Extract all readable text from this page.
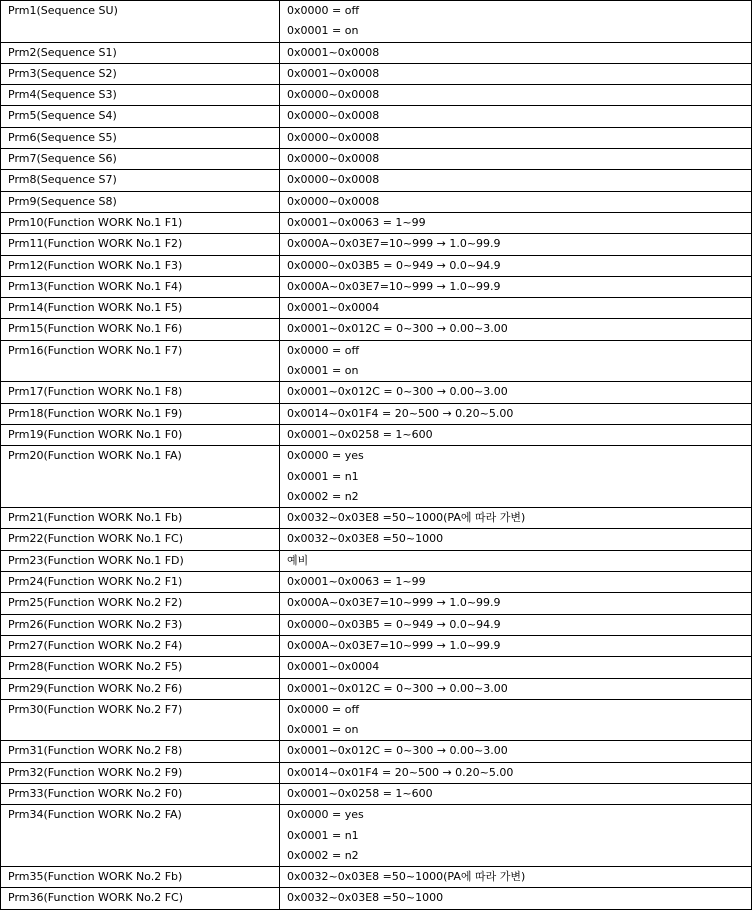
Prm1(Sequence SU)	0x0000 = off
0x0001 = on

Prm2(Sequence S1)	0x0001~0x0008

Prm3(Sequence S2)	0x0001~0x0008

Prm4(Sequence S3)	0x0000~0x0008

Prm5(Sequence S4)	0x0000~0x0008

Prm6(Sequence S5)	0x0000~0x0008

Prm7(Sequence S6)	0x0000~0x0008

Prm8(Sequence S7)	0x0000~0x0008

Prm9(Sequence S8)	0x0000~0x0008

Prm10(Function WORK No.1 F1)	0x0001~0x0063 = 1~99

Prm11(Function WORK No.1 F2)	0x000A~0x03E7=10~999 → 1.0~99.9

Prm12(Function WORK No.1 F3)	0x0000~0x03B5 = 0~949 → 0.0~94.9

Prm13(Function WORK No.1 F4)	0x000A~0x03E7=10~999 → 1.0~99.9

Prm14(Function WORK No.1 F5)	0x0001~0x0004

Prm15(Function WORK No.1 F6)	0x0001~0x012C = 0~300 → 0.00~3.00

Prm16(Function WORK No.1 F7)	0x0000 = off
0x0001 = on

Prm17(Function WORK No.1 F8)	0x0001~0x012C = 0~300 → 0.00~3.00

Prm18(Function WORK No.1 F9)	0x0014~0x01F4 = 20~500 → 0.20~5.00

Prm19(Function WORK No.1 F0)	0x0001~0x0258 = 1~600

Prm20(Function WORK No.1 FA)	0x0000 = yes
0x0001 = n1
0x0002 = n2

Prm21(Function WORK No.1 Fb)	0x0032~0x03E8 =50~1000(PA에 따라 가변)

Prm22(Function WORK No.1 FC)	0x0032~0x03E8 =50~1000

Prm23(Function WORK No.1 FD)	예비

Prm24(Function WORK No.2 F1)	0x0001~0x0063 = 1~99

Prm25(Function WORK No.2 F2)	0x000A~0x03E7=10~999 → 1.0~99.9

Prm26(Function WORK No.2 F3)	0x0000~0x03B5 = 0~949 → 0.0~94.9

Prm27(Function WORK No.2 F4)	0x000A~0x03E7=10~999 → 1.0~99.9

Prm28(Function WORK No.2 F5)	0x0001~0x0004

Prm29(Function WORK No.2 F6)	0x0001~0x012C = 0~300 → 0.00~3.00

Prm30(Function WORK No.2 F7)	0x0000 = off
0x0001 = on

Prm31(Function WORK No.2 F8)	0x0001~0x012C = 0~300 → 0.00~3.00

Prm32(Function WORK No.2 F9)	0x0014~0x01F4 = 20~500 → 0.20~5.00

Prm33(Function WORK No.2 F0)	0x0001~0x0258 = 1~600

Prm34(Function WORK No.2 FA)	0x0000 = yes
0x0001 = n1
0x0002 = n2

Prm35(Function WORK No.2 Fb)	0x0032~0x03E8 =50~1000(PA에 따라 가변)

Prm36(Function WORK No.2 FC)	0x0032~0x03E8 =50~1000
